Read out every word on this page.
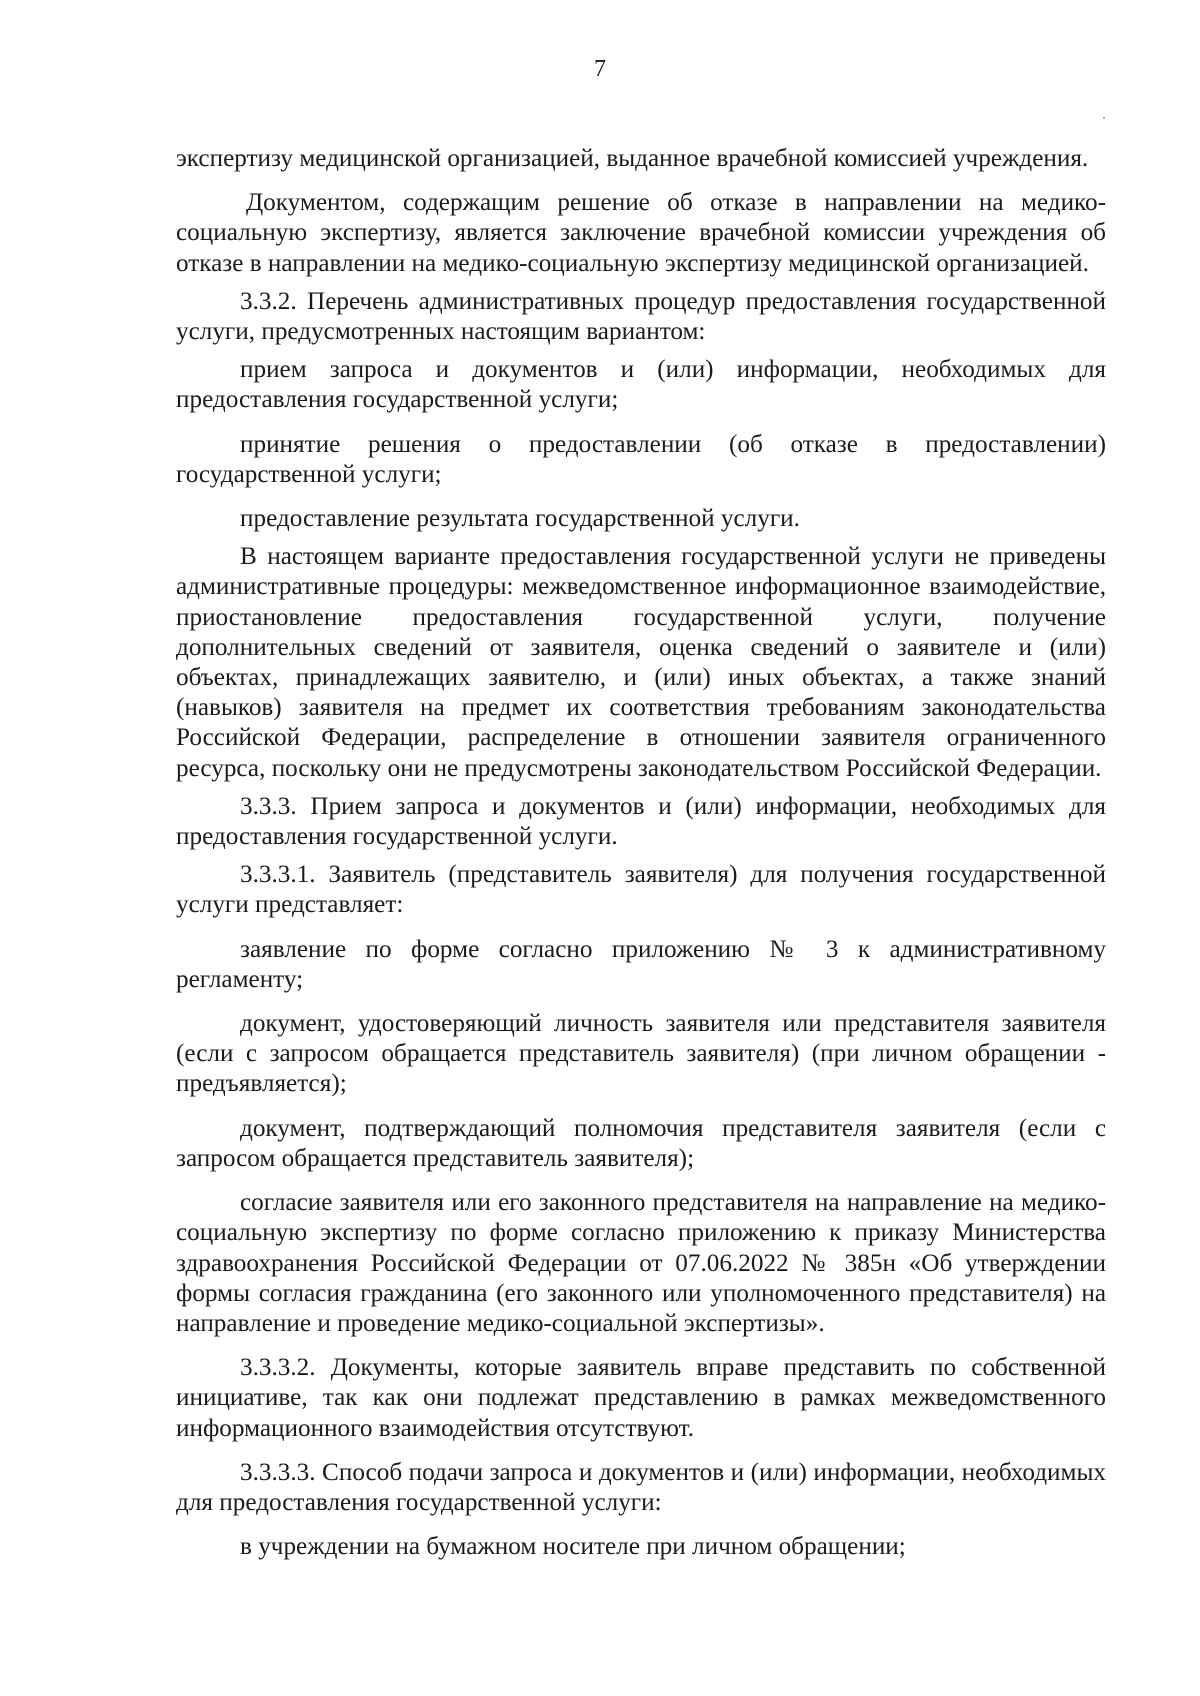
7

экспертизу медицинской организацией, выданное врачебной комиссией учреждения.

Документом, содержащим решение об отказе в направлении на медико-социальную экспертизу, является заключение врачебной комиссии учреждения об отказе в направлении на медико-социальную экспертизу медицинской организацией.

3.3.2. Перечень административных процедур предоставления государственной услуги, предусмотренных настоящим вариантом:

прием запроса и документов и (или) информации, необходимых для предоставления государственной услуги;

принятие решения о предоставлении (об отказе в предоставлении) государственной услуги;

предоставление результата государственной услуги.

В настоящем варианте предоставления государственной услуги не приведены административные процедуры: межведомственное информационное взаимодействие, приостановление предоставления государственной услуги, получение дополнительных сведений от заявителя, оценка сведений о заявителе и (или) объектах, принадлежащих заявителю, и (или) иных объектах, а также знаний (навыков) заявителя на предмет их соответствия требованиям законодательства Российской Федерации, распределение в отношении заявителя ограниченного ресурса, поскольку они не предусмотрены законодательством Российской Федерации.

3.3.3. Прием запроса и документов и (или) информации, необходимых для предоставления государственной услуги.

3.3.3.1. Заявитель (представитель заявителя) для получения государственной услуги представляет:

заявление по форме согласно приложению № 3 к административному регламенту;

документ, удостоверяющий личность заявителя или представителя заявителя (если с запросом обращается представитель заявителя) (при личном обращении - предъявляется);

документ, подтверждающий полномочия представителя заявителя (если с запросом обращается представитель заявителя);

согласие заявителя или его законного представителя на направление на медико-социальную экспертизу по форме согласно приложению к приказу Министерства здравоохранения Российской Федерации от 07.06.2022 № 385н «Об утверждении формы согласия гражданина (его законного или уполномоченного представителя) на направление и проведение медико-социальной экспертизы».

3.3.3.2. Документы, которые заявитель вправе представить по собственной инициативе, так как они подлежат представлению в рамках межведомственного информационного взаимодействия отсутствуют.

3.3.3.3. Способ подачи запроса и документов и (или) информации, необходимых для предоставления государственной услуги:

в учреждении на бумажном носителе при личном обращении;
